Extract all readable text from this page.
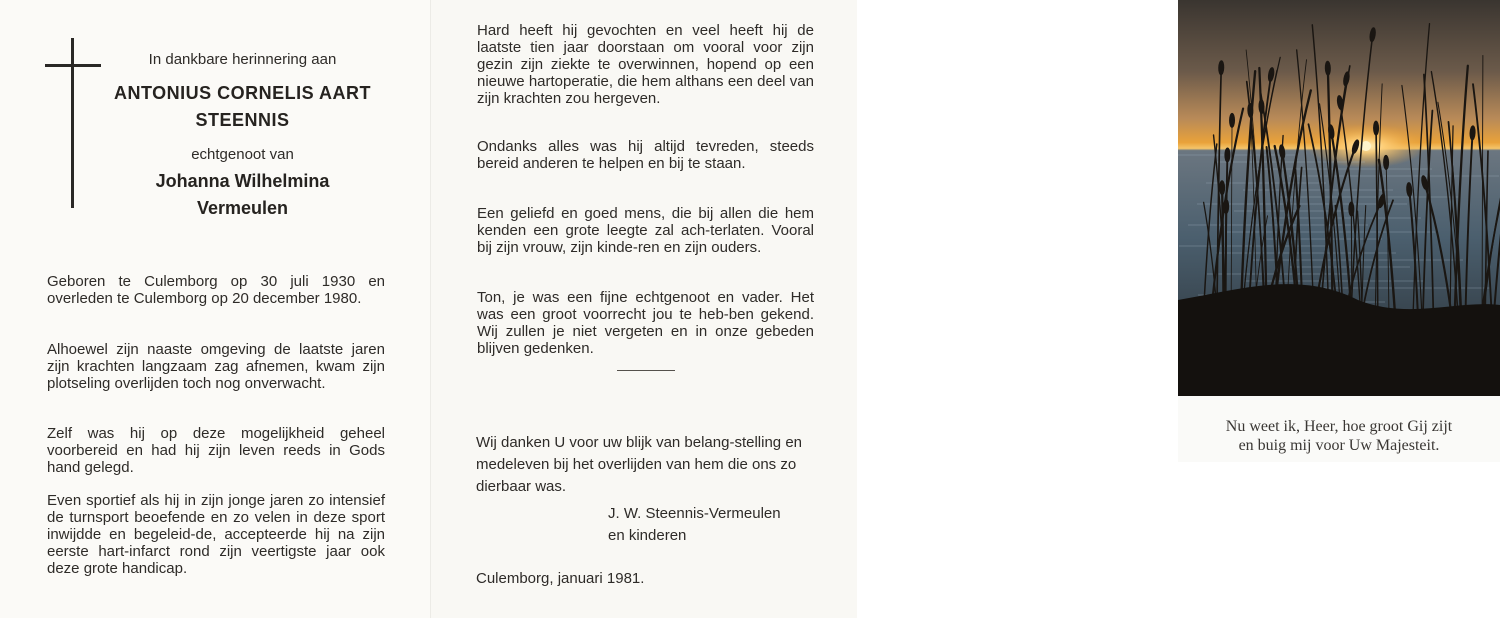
In dankbare herinnering aan
ANTONIUS CORNELIS AART
STEENNIS
echtgenoot van
Johanna Wilhelmina
Vermeulen

Geboren te Culemborg op 30 juli 1930 en overleden te Culemborg op 20 december 1980.

Alhoewel zijn naaste omgeving de laatste jaren zijn krachten langzaam zag afnemen, kwam zijn plotseling overlijden toch nog onverwacht.

Zelf was hij op deze mogelijkheid geheel voorbereid en had hij zijn leven reeds in Gods hand gelegd.

Even sportief als hij in zijn jonge jaren zo intensief de turnsport beoefende en zo velen in deze sport inwijdde en begeleid-de, accepteerde hij na zijn eerste hart-infarct rond zijn veertigste jaar ook deze grote handicap.

Hard heeft hij gevochten en veel heeft hij de laatste tien jaar doorstaan om vooral voor zijn gezin zijn ziekte te overwinnen, hopend op een nieuwe hartoperatie, die hem althans een deel van zijn krachten zou hergeven.

Ondanks alles was hij altijd tevreden, steeds bereid anderen te helpen en bij te staan.

Een geliefd en goed mens, die bij allen die hem kenden een grote leegte zal ach-terlaten. Vooral bij zijn vrouw, zijn kinde-ren en zijn ouders.

Ton, je was een fijne echtgenoot en vader. Het was een groot voorrecht jou te heb-ben gekend. Wij zullen je niet vergeten en in onze gebeden blijven gedenken.

Wij danken U voor uw blijk van belang-stelling en medeleven bij het overlijden van hem die ons zo dierbaar was.

J. W. Steennis-Vermeulen
en kinderen
Culemborg, januari 1981.
Nu weet ik, Heer, hoe groot Gij zijt
en buig mij voor Uw Majesteit.
